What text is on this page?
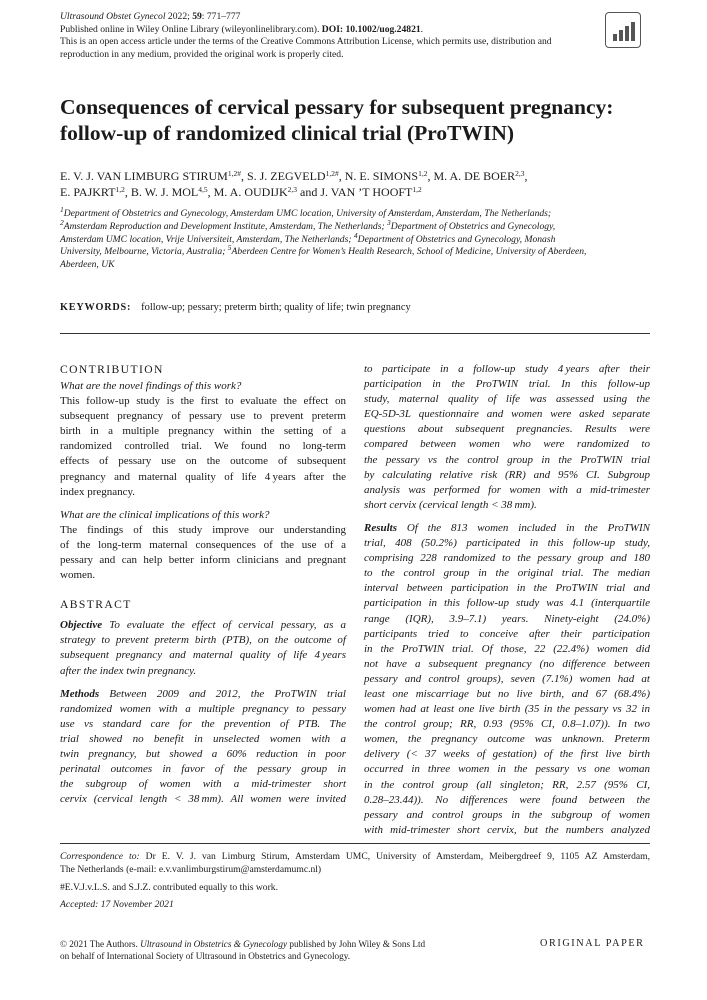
Ultrasound Obstet Gynecol 2022; 59: 771–777
Published online in Wiley Online Library (wileyonlinelibrary.com). DOI: 10.1002/uog.24821.
This is an open access article under the terms of the Creative Commons Attribution License, which permits use, distribution and
reproduction in any medium, provided the original work is properly cited.
Consequences of cervical pessary for subsequent pregnancy:
follow-up of randomized clinical trial (ProTWIN)
E. V. J. VAN LIMBURG $STIRUM^{1,2\#}$, S. J. $ZEGVELD^{1,2\#}$, N. E. SIMONS$^{1,2}$, M. A. DE BOER$^{2,3}$,
E. PAJKRT$^{1,2}$, B. W. J. MOL$^{4,5}$, M. A. OUDIJK$^{2,3}$ and J. VAN ’T HOOFT$^{1,2}$
$^1$Department of Obstetrics and Gynecology, Amsterdam UMC location, University of Amsterdam, Amsterdam, The Netherlands;
$^2$Amsterdam Reproduction and Development Institute, Amsterdam, The Netherlands; $^3$Department of Obstetrics and Gynecology,
Amsterdam UMC location, Vrije Universiteit, Amsterdam, The Netherlands; $^4$Department of Obstetrics and Gynecology, Monash
University, Melbourne, Victoria, Australia; $^5$Aberdeen Centre for Women’s Health Research, School of Medicine, University of Aberdeen,
Aberdeen, UK
KEYWORDS: follow-up; pessary; preterm birth; quality of life; twin pregnancy
CONTRIBUTION
What are the novel findings of this work?
This follow-up study is the first to evaluate the effect on
subsequent pregnancy of pessary use to prevent preterm
birth in a multiple pregnancy within the setting of a
randomized controlled trial. We found no long-term
effects of pessary use on the outcome of subsequent
pregnancy and maternal quality of life 4 years after the
index pregnancy.
What are the clinical implications of this work?
The findings of this study improve our understanding
of the long-term maternal consequences of the use of a
pessary and can help better inform clinicians and pregnant
women.
ABSTRACT
Objective To evaluate the effect of cervical pessary, as a
strategy to prevent preterm birth (PTB), on the outcome of
subsequent pregnancy and maternal quality of life 4 years
after the index twin pregnancy.
Methods Between 2009 and 2012, the ProTWIN trial
randomized women with a multiple pregnancy to pessary
use vs standard care for the prevention of PTB. The
trial showed no benefit in unselected women with a
twin pregnancy, but showed a 60% reduction in poor
perinatal outcomes in favor of the pessary group in
the subgroup of women with a mid-trimester short
cervix (cervical length < 38 mm). All women were invited
to participate in a follow-up study 4 years after their
participation in the ProTWIN trial. In this follow-up
study, maternal quality of life was assessed using the
EQ-5D-3L questionnaire and women were asked separate
questions about subsequent pregnancies. Results were
compared between women who were randomized to
the pessary vs the control group in the ProTWIN trial
by calculating relative risk (RR) and 95% CI. Subgroup
analysis was performed for women with a mid-trimester
short cervix (cervical length < 38 mm).
Results Of the 813 women included in the ProTWIN
trial, 408 (50.2%) participated in this follow-up study,
comprising 228 randomized to the pessary group and 180
to the control group in the original trial. The median
interval between participation in the ProTWIN trial and
participation in this follow-up study was 4.1 (interquartile
range (IQR), 3.9–7.1) years. Ninety-eight (24.0%)
participants tried to conceive after their participation
in the ProTWIN trial. Of those, 22 (22.4%) women did
not have a subsequent pregnancy (no difference between
pessary and control groups), seven (7.1%) women had at
least one miscarriage but no live birth, and 67 (68.4%)
women had at least one live birth (35 in the pessary vs 32 in
the control group; RR, 0.93 (95% CI, 0.8–1.07)). In two
women, the pregnancy outcome was unknown. Preterm
delivery (< 37 weeks of gestation) of the first live birth
occurred in three women in the pessary vs one woman
in the control group (all singleton; RR, 2.57 (95% CI,
0.28–23.44)). No differences were found between the
pessary and control groups in the subgroup of women
with mid-trimester short cervix, but the numbers analyzed
Correspondence to: Dr E. V. J. van Limburg Stirum, Amsterdam UMC, University of Amsterdam, Meibergdreef 9, 1105 AZ Amsterdam,
The Netherlands (e-mail: e.v.vanlimburgstirum@amsterdamumc.nl)
#E.V.J.v.L.S. and S.J.Z. contributed equally to this work.
Accepted: 17 November 2021
© 2021 The Authors. Ultrasound in Obstetrics & Gynecology published by John Wiley & Sons Ltd
on behalf of International Society of Ultrasound in Obstetrics and Gynecology.
ORIGINAL PAPER
